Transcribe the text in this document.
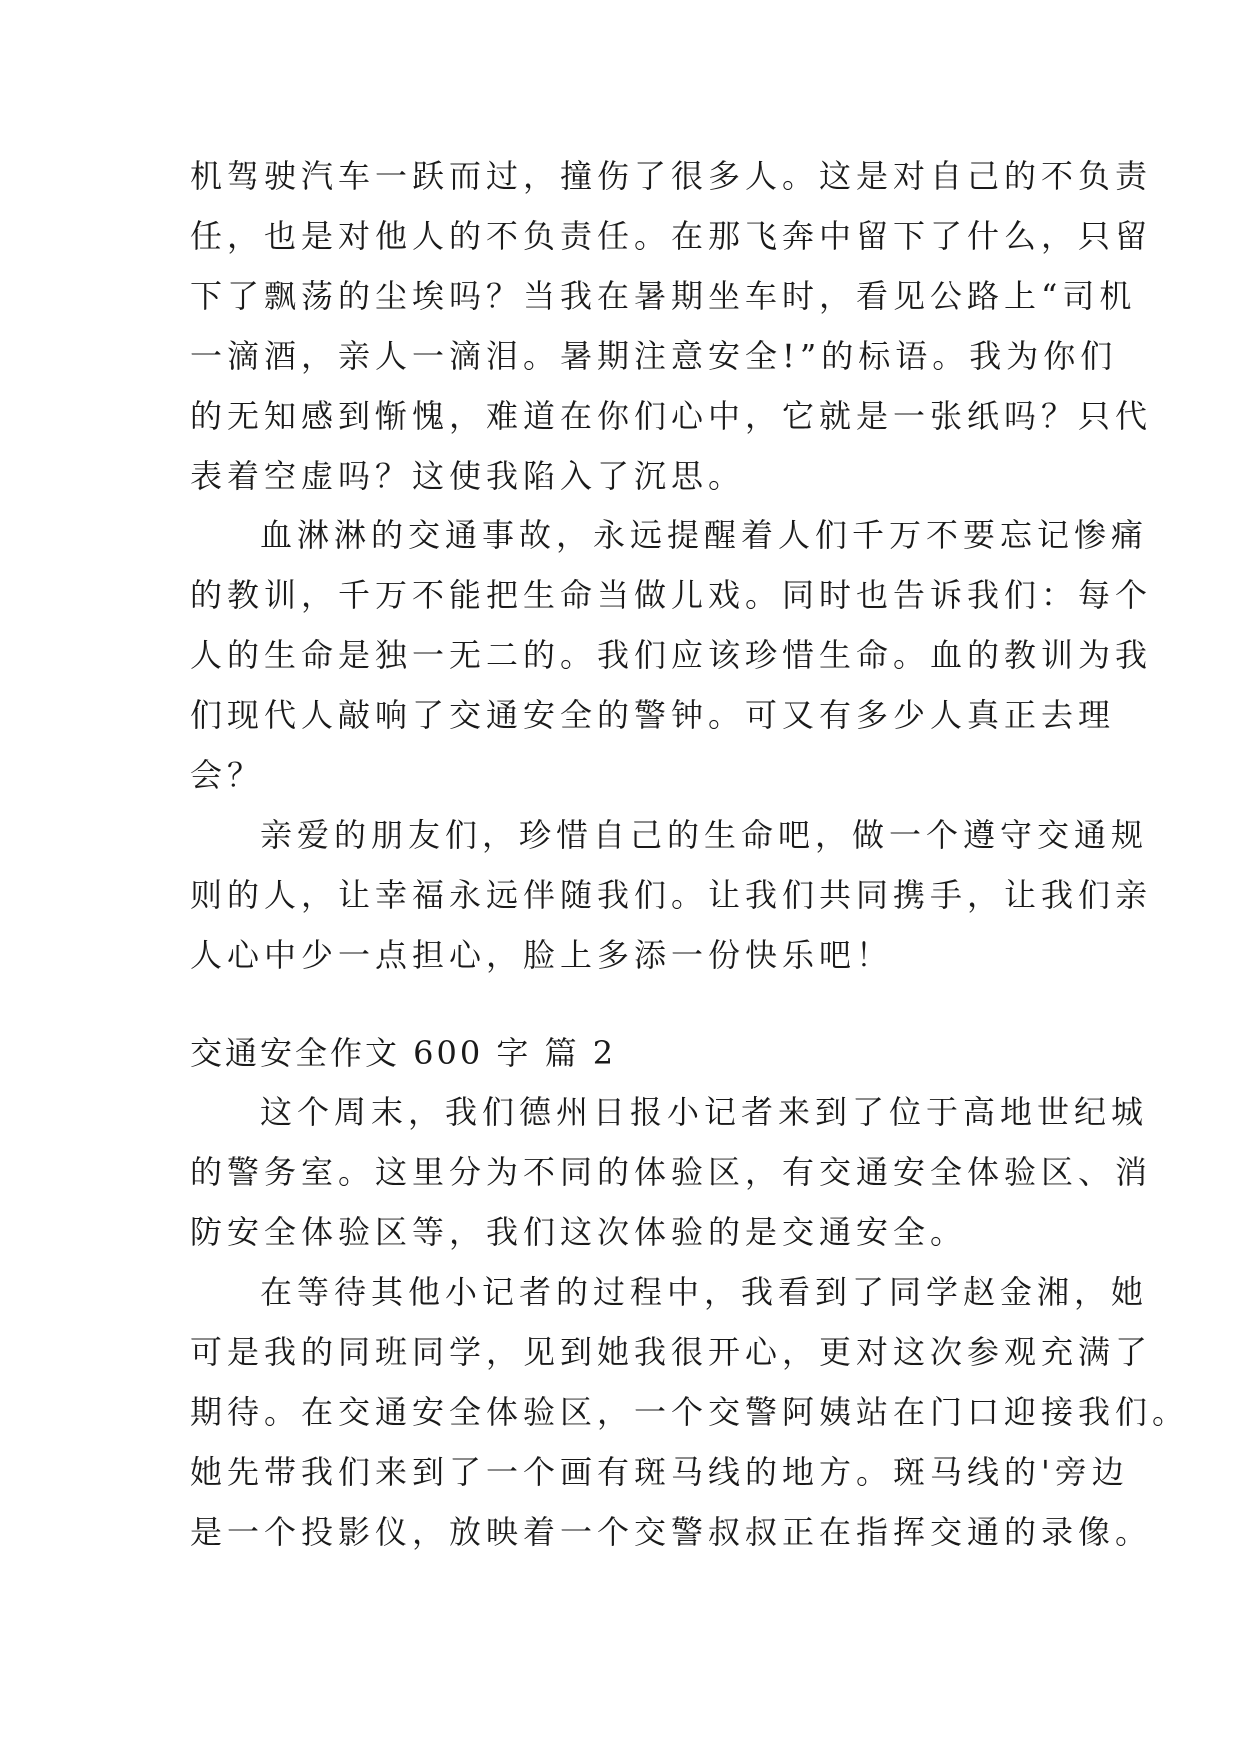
机驾驶汽车一跃而过，撞伤了很多人。这是对自己的不负责
任，也是对他人的不负责任。在那飞奔中留下了什么，只留
下了飘荡的尘埃吗？当我在暑期坐车时，看见公路上“司机
一滴酒，亲人一滴泪。暑期注意安全!”的标语。我为你们
的无知感到惭愧，难道在你们心中，它就是一张纸吗？只代
表着空虚吗？这使我陷入了沉思。
血淋淋的交通事故，永远提醒着人们千万不要忘记惨痛
的教训，千万不能把生命当做儿戏。同时也告诉我们：每个
人的生命是独一无二的。我们应该珍惜生命。血的教训为我
们现代人敲响了交通安全的警钟。可又有多少人真正去理
会？
亲爱的朋友们，珍惜自己的生命吧，做一个遵守交通规
则的人，让幸福永远伴随我们。让我们共同携手，让我们亲
人心中少一点担心，脸上多添一份快乐吧！
交通安全作文 600 字 篇 2
这个周末，我们德州日报小记者来到了位于高地世纪城
的警务室。这里分为不同的体验区，有交通安全体验区、消
防安全体验区等，我们这次体验的是交通安全。
在等待其他小记者的过程中，我看到了同学赵金湘，她
可是我的同班同学，见到她我很开心，更对这次参观充满了
期待。在交通安全体验区，一个交警阿姨站在门口迎接我们。
她先带我们来到了一个画有斑马线的地方。斑马线的'旁边
是一个投影仪，放映着一个交警叔叔正在指挥交通的录像。
